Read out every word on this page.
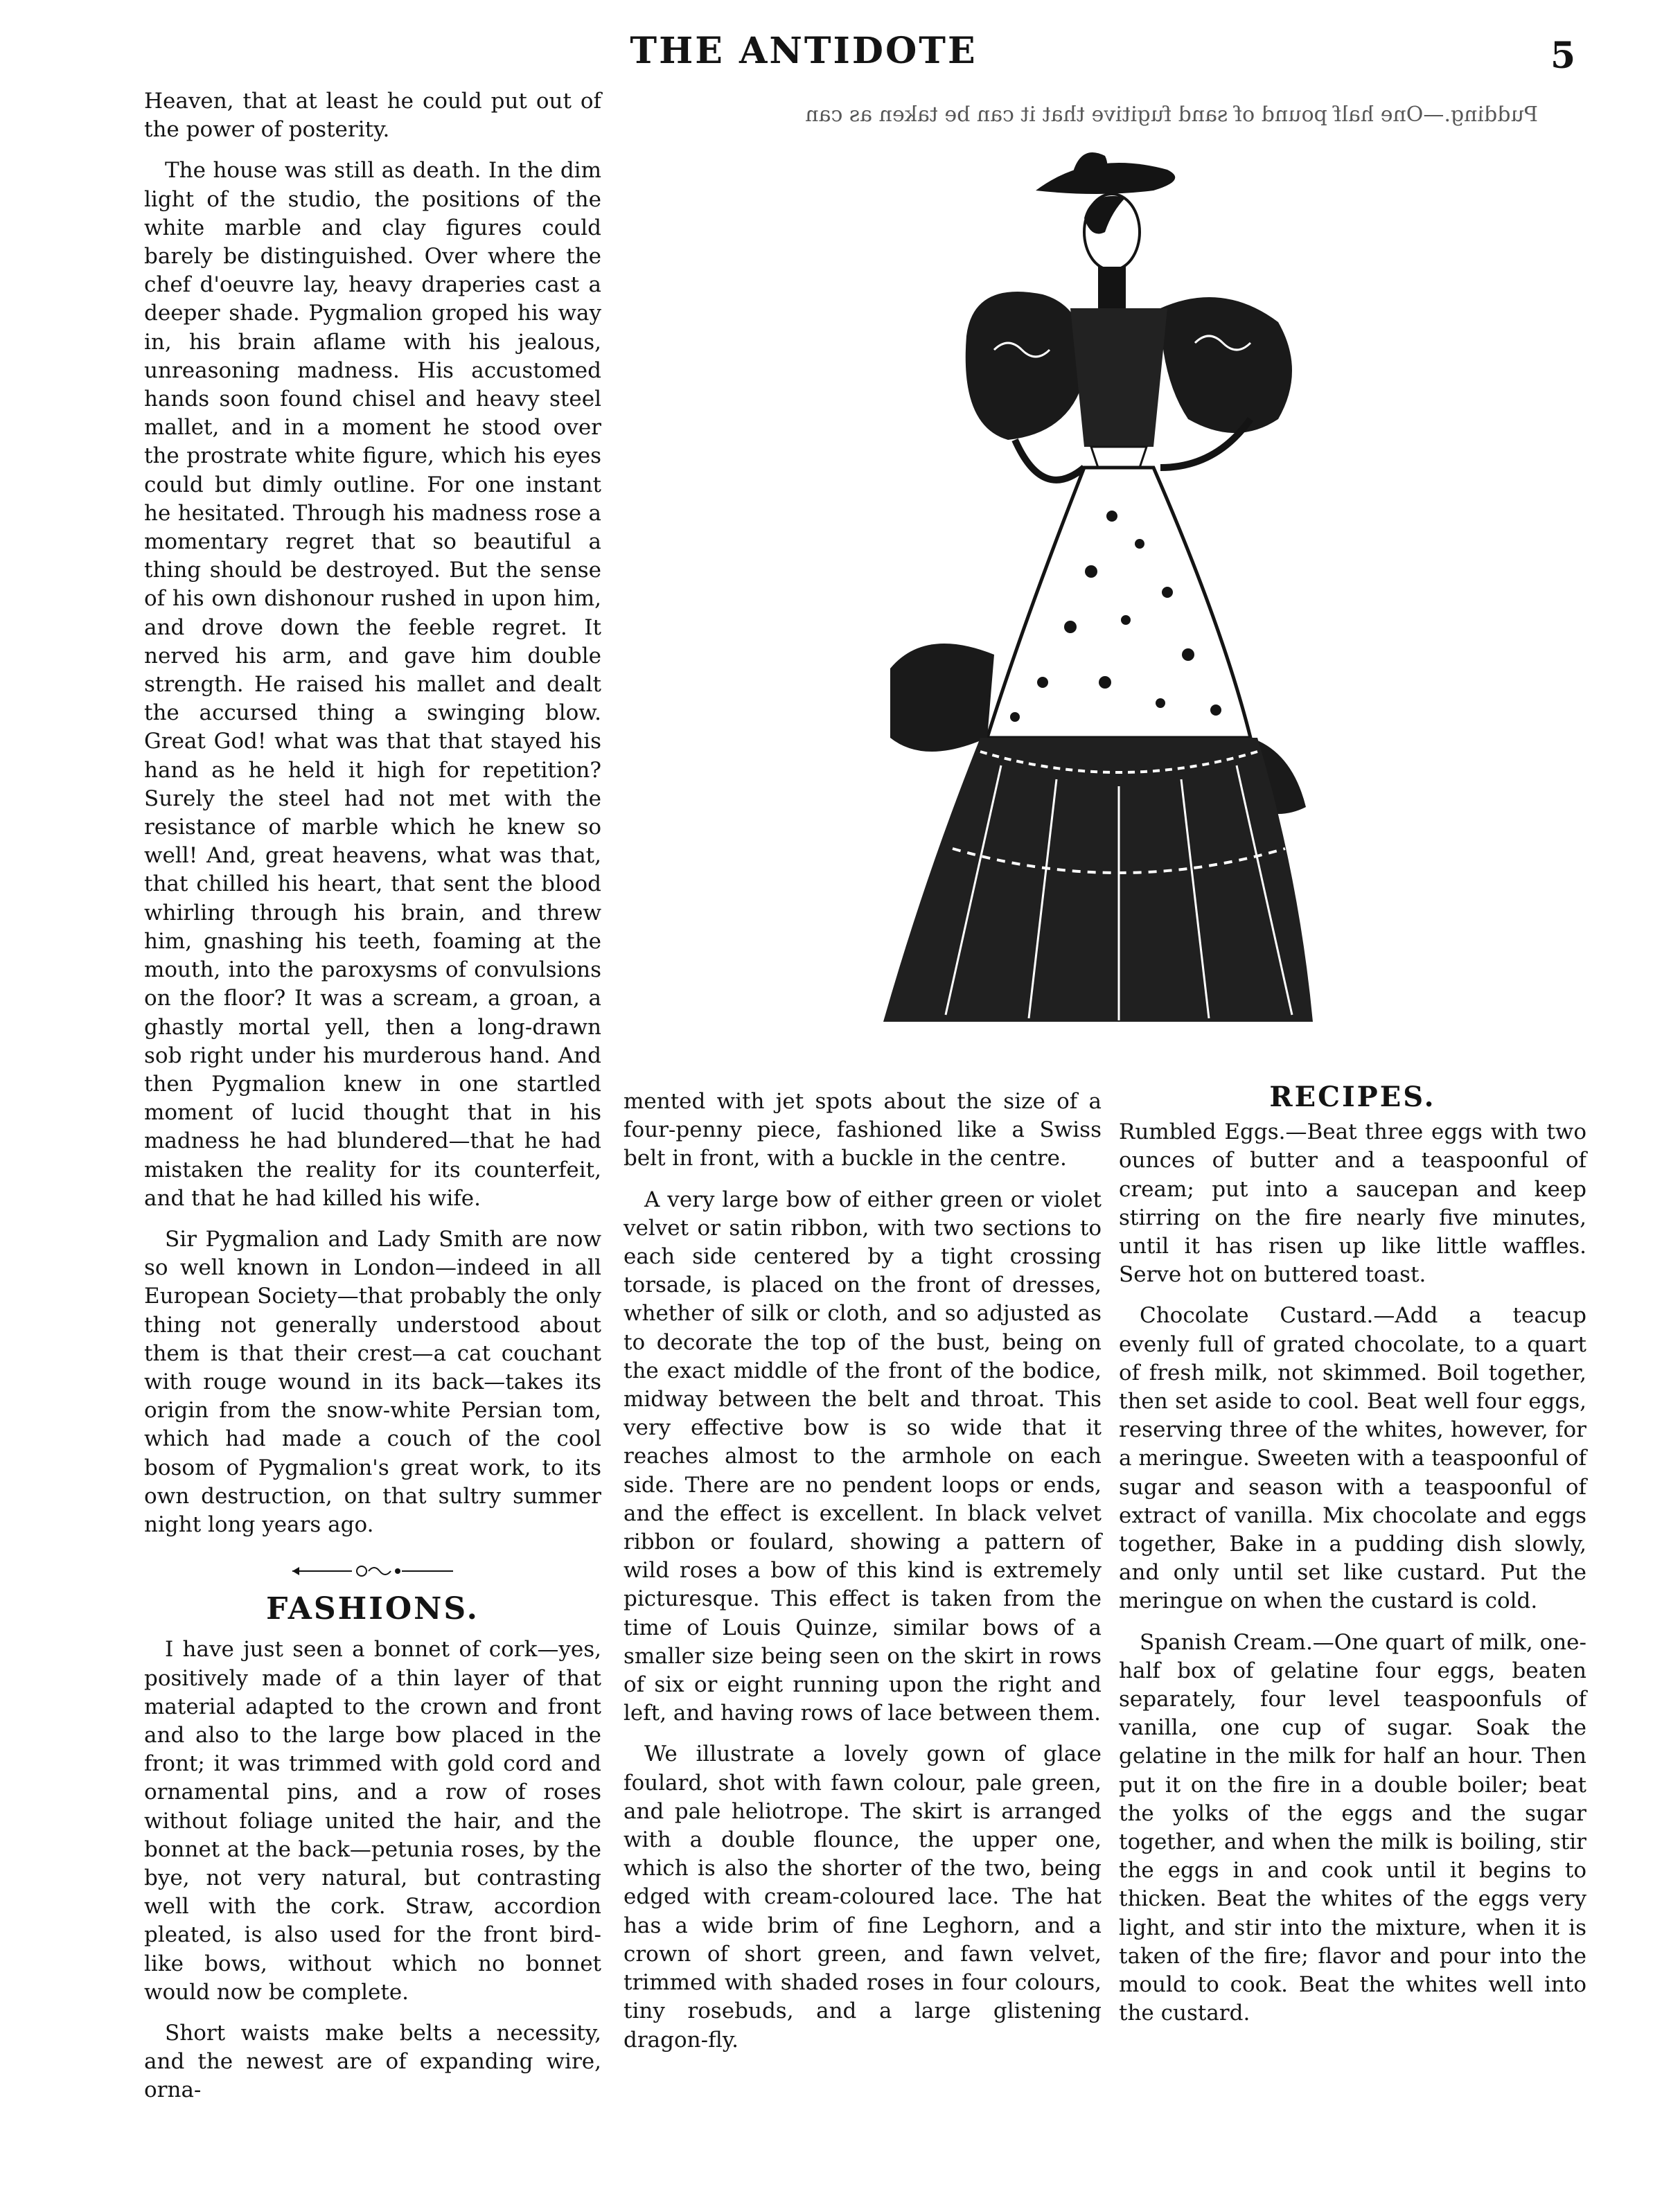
THE ANTIDOTE	5
Pudding.—One half pound of sand fugitive that it can be taken as can

Heaven, that at least he could put out of the power of posterity.

The house was still as death. In the dim light of the studio, the positions of the white marble and clay figures could barely be distinguished. Over where the chef d'oeuvre lay, heavy draperies cast a deeper shade. Pygmalion groped his way in, his brain aflame with his jealous, unreasoning madness. His accustomed hands soon found chisel and heavy steel mallet, and in a moment he stood over the prostrate white figure, which his eyes could but dimly outline. For one instant he hesitated. Through his madness rose a momentary regret that so beautiful a thing should be destroyed. But the sense of his own dishonour rushed in upon him, and drove down the feeble regret. It nerved his arm, and gave him double strength. He raised his mallet and dealt the accursed thing a swinging blow. Great God! what was that that stayed his hand as he held it high for repetition? Surely the steel had not met with the resistance of marble which he knew so well! And, great heavens, what was that, that chilled his heart, that sent the blood whirling through his brain, and threw him, gnashing his teeth, foaming at the mouth, into the paroxysms of convulsions on the floor? It was a scream, a groan, a ghastly mortal yell, then a long-drawn sob right under his murderous hand. And then Pygmalion knew in one startled moment of lucid thought that in his madness he had blundered—that he had mistaken the reality for its counterfeit, and that he had killed his wife.

Sir Pygmalion and Lady Smith are now so well known in London—indeed in all European Society—that probably the only thing not generally understood about them is that their crest—a cat couchant with rouge wound in its back—takes its origin from the snow-white Persian tom, which had made a couch of the cool bosom of Pygmalion's great work, to its own destruction, on that sultry summer night long years ago.

FASHIONS.

I have just seen a bonnet of cork—yes, positively made of a thin layer of that material adapted to the crown and front and also to the large bow placed in the front; it was trimmed with gold cord and ornamental pins, and a row of roses without foliage united the hair, and the bonnet at the back—petunia roses, by the bye, not very natural, but contrasting well with the cork. Straw, accordion pleated, is also used for the front bird-like bows, without which no bonnet would now be complete.

Short waists make belts a necessity, and the newest are of expanding wire, orna-

mented with jet spots about the size of a four-penny piece, fashioned like a Swiss belt in front, with a buckle in the centre.

A very large bow of either green or violet velvet or satin ribbon, with two sections to each side centered by a tight crossing torsade, is placed on the front of dresses, whether of silk or cloth, and so adjusted as to decorate the top of the bust, being on the exact middle of the front of the bodice, midway between the belt and throat. This very effective bow is so wide that it reaches almost to the armhole on each side. There are no pendent loops or ends, and the effect is excellent. In black velvet ribbon or foulard, showing a pattern of wild roses a bow of this kind is extremely picturesque. This effect is taken from the time of Louis Quinze, similar bows of a smaller size being seen on the skirt in rows of six or eight running upon the right and left, and having rows of lace between them.

We illustrate a lovely gown of glace foulard, shot with fawn colour, pale green, and pale heliotrope. The skirt is arranged with a double flounce, the upper one, which is also the shorter of the two, being edged with cream-coloured lace. The hat has a wide brim of fine Leghorn, and a crown of short green, and fawn velvet, trimmed with shaded roses in four colours, tiny rosebuds, and a large glistening dragon-fly.

RECIPES.

Rumbled Eggs.—Beat three eggs with two ounces of butter and a teaspoonful of cream; put into a saucepan and keep stirring on the fire nearly five minutes, until it has risen up like little waffles. Serve hot on buttered toast.

Chocolate Custard.—Add a teacup evenly full of grated chocolate, to a quart of fresh milk, not skimmed. Boil together, then set aside to cool. Beat well four eggs, reserving three of the whites, however, for a meringue. Sweeten with a teaspoonful of sugar and season with a teaspoonful of extract of vanilla. Mix chocolate and eggs together, Bake in a pudding dish slowly, and only until set like custard. Put the meringue on when the custard is cold.

Spanish Cream.—One quart of milk, one-half box of gelatine four eggs, beaten separately, four level teaspoonfuls of vanilla, one cup of sugar. Soak the gelatine in the milk for half an hour. Then put it on the fire in a double boiler; beat the yolks of the eggs and the sugar together, and when the milk is boiling, stir the eggs in and cook until it begins to thicken. Beat the whites of the eggs very light, and stir into the mixture, when it is taken of the fire; flavor and pour into the mould to cook. Beat the whites well into the custard.
